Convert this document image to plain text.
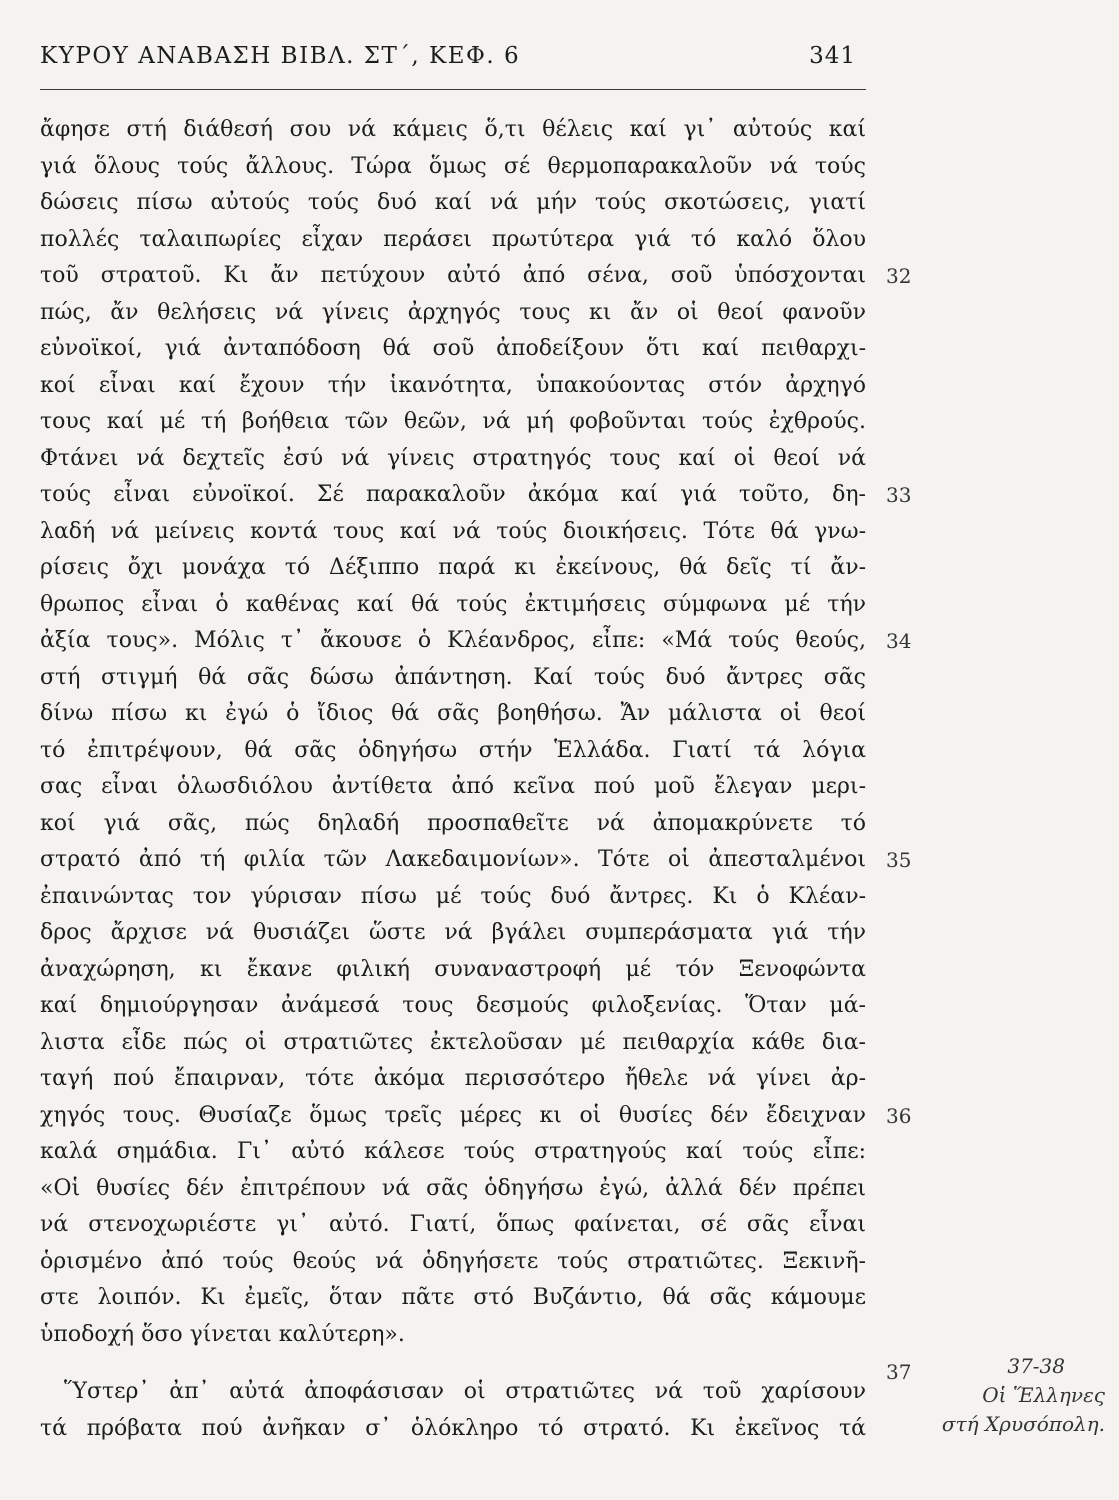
ΚΥΡΟΥ ΑΝΑΒΑΣΗ ΒΙΒΛ. ΣΤ΄, ΚΕΦ. 6	341
ἄφησε στή διάθεσή σου νά κάμεις ὅ,τι θέλεις καί γι᾽ αὐτούς καί
γιά ὅλους τούς ἄλλους. Τώρα ὅμως σέ θερμοπαρακαλοῦν νά τούς
δώσεις πίσω αὐτούς τούς δυό καί νά μήν τούς σκοτώσεις, γιατί
πολλές ταλαιπωρίες εἶχαν περάσει πρωτύτερα γιά τό καλό ὅλου
τοῦ στρατοῦ. Κι ἄν πετύχουν αὐτό ἀπό σένα, σοῦ ὑπόσχονται
πώς, ἄν θελήσεις νά γίνεις ἀρχηγός τους κι ἄν οἱ θεοί φανοῦν
εὐνοϊκοί, γιά ἀνταπόδοση θά σοῦ ἀποδείξουν ὅτι καί πειθαρχι-
κοί εἶναι καί ἔχουν τήν ἱκανότητα, ὑπακούοντας στόν ἀρχηγό
τους καί μέ τή βοήθεια τῶν θεῶν, νά μή φοβοῦνται τούς ἐχθρούς.
Φτάνει νά δεχτεῖς ἐσύ νά γίνεις στρατηγός τους καί οἱ θεοί νά
τούς εἶναι εὐνοϊκοί. Σέ παρακαλοῦν ἀκόμα καί γιά τοῦτο, δη-
λαδή νά μείνεις κοντά τους καί νά τούς διοικήσεις. Τότε θά γνω-
ρίσεις ὄχι μονάχα τό Δέξιππο παρά κι ἐκείνους, θά δεῖς τί ἄν-
θρωπος εἶναι ὁ καθένας καί θά τούς ἐκτιμήσεις σύμφωνα μέ τήν
ἀξία τους». Μόλις τ᾽ ἄκουσε ὁ Κλέανδρος, εἶπε: «Μά τούς θεούς,
στή στιγμή θά σᾶς δώσω ἀπάντηση. Καί τούς δυό ἄντρες σᾶς
δίνω πίσω κι ἐγώ ὁ ἴδιος θά σᾶς βοηθήσω. Ἄν μάλιστα οἱ θεοί
τό ἐπιτρέψουν, θά σᾶς ὁδηγήσω στήν Ἑλλάδα. Γιατί τά λόγια
σας εἶναι ὁλωσδιόλου ἀντίθετα ἀπό κεῖνα πού μοῦ ἔλεγαν μερι-
κοί γιά σᾶς, πώς δηλαδή προσπαθεῖτε νά ἀπομακρύνετε τό
στρατό ἀπό τή φιλία τῶν Λακεδαιμονίων». Τότε οἱ ἀπεσταλμένοι
ἐπαινώντας τον γύρισαν πίσω μέ τούς δυό ἄντρες. Κι ὁ Κλέαν-
δρος ἄρχισε νά θυσιάζει ὥστε νά βγάλει συμπεράσματα γιά τήν
ἀναχώρηση, κι ἔκανε φιλική συναναστροφή μέ τόν Ξενοφώντα
καί δημιούργησαν ἀνάμεσά τους δεσμούς φιλοξενίας. Ὅταν μά-
λιστα εἶδε πώς οἱ στρατιῶτες ἐκτελοῦσαν μέ πειθαρχία κάθε δια-
ταγή πού ἔπαιρναν, τότε ἀκόμα περισσότερο ἤθελε νά γίνει ἀρ-
χηγός τους. Θυσίαζε ὅμως τρεῖς μέρες κι οἱ θυσίες δέν ἔδειχναν
καλά σημάδια. Γι᾽ αὐτό κάλεσε τούς στρατηγούς καί τούς εἶπε:
«Οἱ θυσίες δέν ἐπιτρέπουν νά σᾶς ὁδηγήσω ἐγώ, ἀλλά δέν πρέπει
νά στενοχωριέστε γι᾽ αὐτό. Γιατί, ὅπως φαίνεται, σέ σᾶς εἶναι
ὁρισμένο ἀπό τούς θεούς νά ὁδηγήσετε τούς στρατιῶτες. Ξεκινῆ-
στε λοιπόν. Κι ἐμεῖς, ὅταν πᾶτε στό Βυζάντιο, θά σᾶς κάμουμε
ὑποδοχή ὅσο γίνεται καλύτερη».
Ὕστερ᾽ ἀπ᾽ αὐτά ἀποφάσισαν οἱ στρατιῶτες νά τοῦ χαρίσουν
τά πρόβατα πού ἀνῆκαν σ᾽ ὁλόκληρο τό στρατό. Κι ἐκεῖνος τά
32
33
34
35
36
37	37-38
Οἱ Ἕλληνες
στή Χρυσόπολη.
